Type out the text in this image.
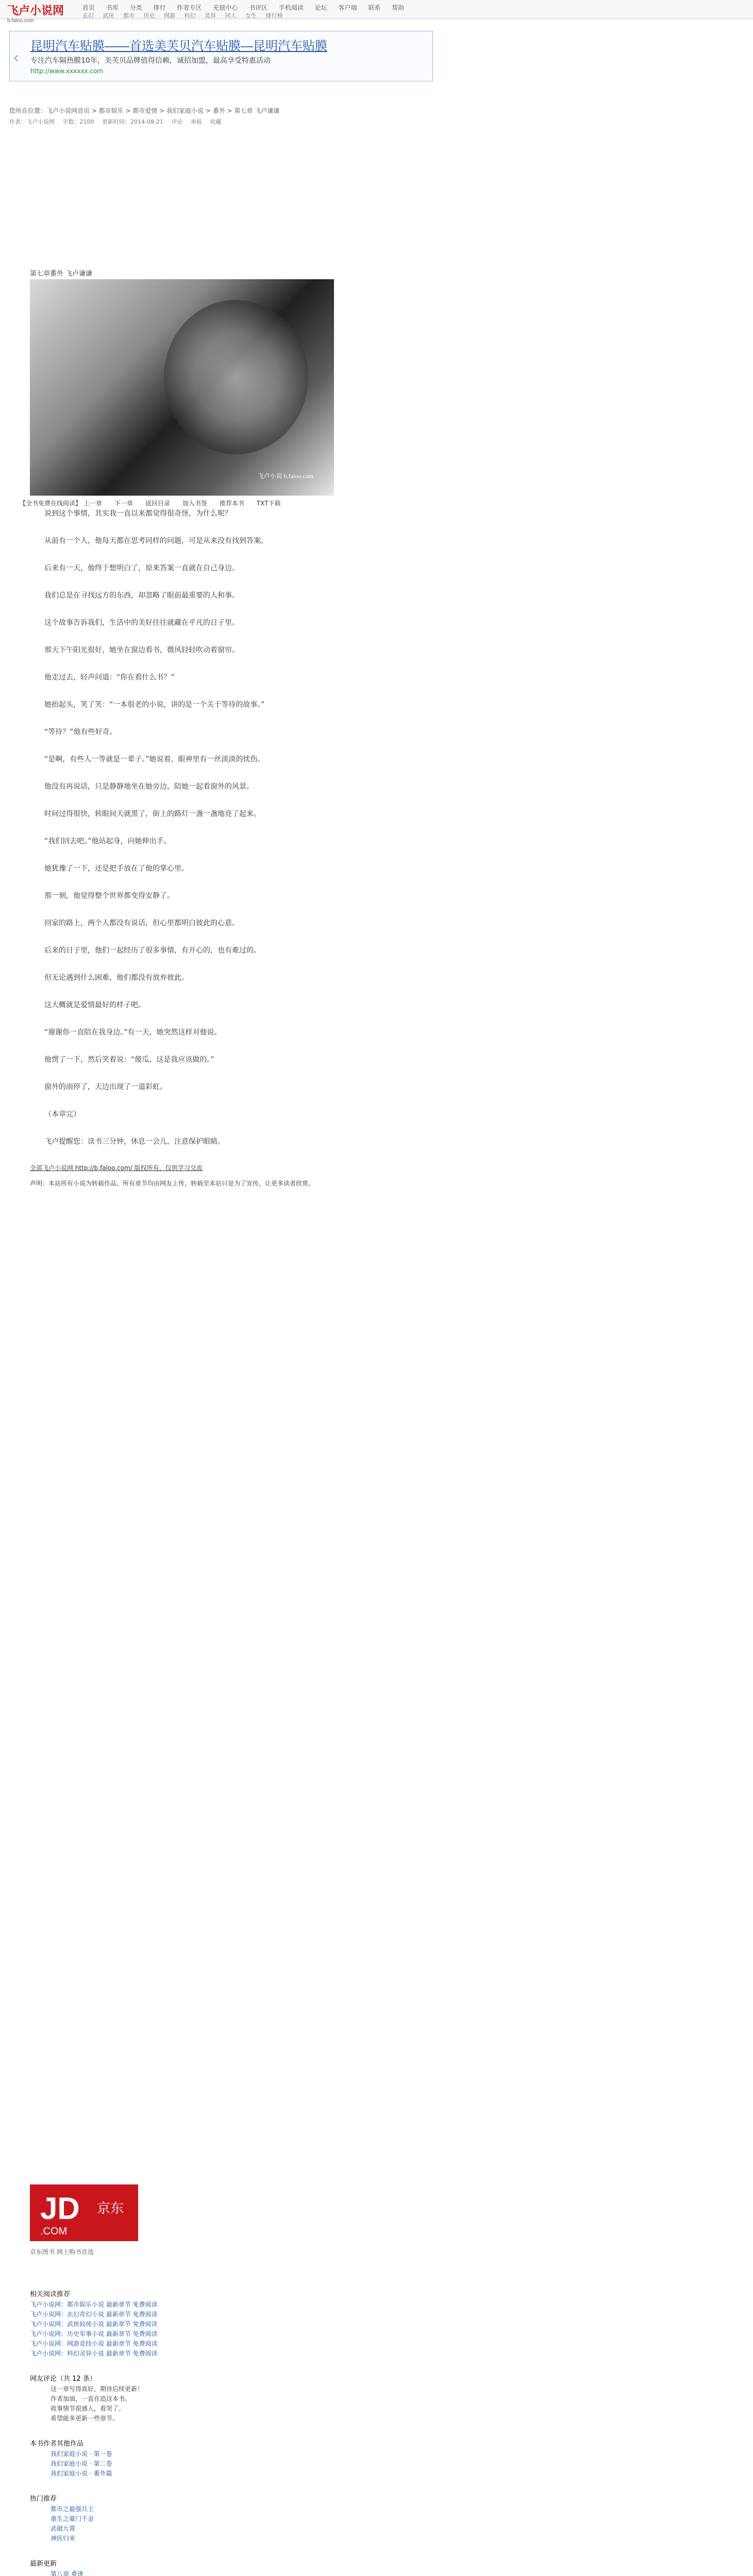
飞卢小说网
b.faloo.com
首页 书库 分类 排行 作者专区 充值中心 书评区 手机阅读 论坛 客户端 联系 帮助
玄幻 武侠 都市 历史 网游 科幻 灵异 同人 女生 排行榜
‹
昆明汽车贴膜——首选美芙贝汽车贴膜—昆明汽车贴膜
专注汽车隔热膜10年，美芙贝品牌值得信赖，诚招加盟，最高享受特惠活动
http://www.xxxxxx.com
您所在位置：飞卢小说网首页 > 都市娱乐 > 都市爱情 > 我们家庭小说 > 番外 > 第七章 飞卢谦谦
作者：飞卢小说网 字数：2100 更新时间：2014-08-21 评论 举报 收藏
第七章番外 飞卢谦谦
飞卢小说 b.faloo.com
【全书免费在线阅读】 上一章　　下一章　　返回目录　　加入书签　　推荐本书　　TXT下载

说到这个事情，其实我一直以来都觉得很奇怪，为什么呢？

从前有一个人，他每天都在思考同样的问题，可是从来没有找到答案。

后来有一天，他终于想明白了，原来答案一直就在自己身边。

我们总是在寻找远方的东西，却忽略了眼前最重要的人和事。

这个故事告诉我们，生活中的美好往往就藏在平凡的日子里。

那天下午阳光很好，她坐在窗边看书，微风轻轻吹动着窗帘。

他走过去，轻声问道：“你在看什么书？”

她抬起头，笑了笑：“一本很老的小说，讲的是一个关于等待的故事。”

“等待？”他有些好奇。

“是啊，有些人一等就是一辈子。”她说着，眼神里有一丝淡淡的忧伤。

他没有再说话，只是静静地坐在她旁边，陪她一起看窗外的风景。

时间过得很快，转眼间天就黑了，街上的路灯一盏一盏地亮了起来。

“我们回去吧。”他站起身，向她伸出手。

她犹豫了一下，还是把手放在了他的掌心里。

那一刻，他觉得整个世界都变得安静了。

回家的路上，两个人都没有说话，但心里都明白彼此的心意。

后来的日子里，他们一起经历了很多事情，有开心的，也有难过的。

但无论遇到什么困难，他们都没有放弃彼此。

这大概就是爱情最好的样子吧。

“谢谢你一直陪在我身边。”有一天，她突然这样对他说。

他愣了一下，然后笑着说：“傻瓜，这是我应该做的。”

窗外的雨停了，天边出现了一道彩虹。

（本章完）

飞卢提醒您：读书三分钟，休息一会儿，注意保护眼睛。

全部飞卢小说网 http://b.faloo.com/ 版权所有，仅供学习交流

声明：本站所有小说为转载作品，所有章节均由网友上传，转载至本站只是为了宣传，让更多读者欣赏。

JD
.COM
京东
京东图书 网上购书首选
相关阅读推荐
飞卢小说网：都市娱乐小说 最新章节 免费阅读
飞卢小说网：玄幻奇幻小说 最新章节 免费阅读
飞卢小说网：武侠仙侠小说 最新章节 免费阅读
飞卢小说网：历史军事小说 最新章节 免费阅读
飞卢小说网：网游竞技小说 最新章节 免费阅读
飞卢小说网：科幻灵异小说 最新章节 免费阅读
网友评论（共 12 条）
这一章写得真好，期待后续更新！
作者加油，一直在追这本书。
故事情节很感人，看哭了。
希望能多更新一些章节。
本书作者其他作品
我们家庭小说 · 第一卷
我们家庭小说 · 第二卷
我们家庭小说 · 番外篇
热门推荐
都市之最强兵王
重生之豪门千金
武破九霄
神医归来
最新更新
第八章 重逢
